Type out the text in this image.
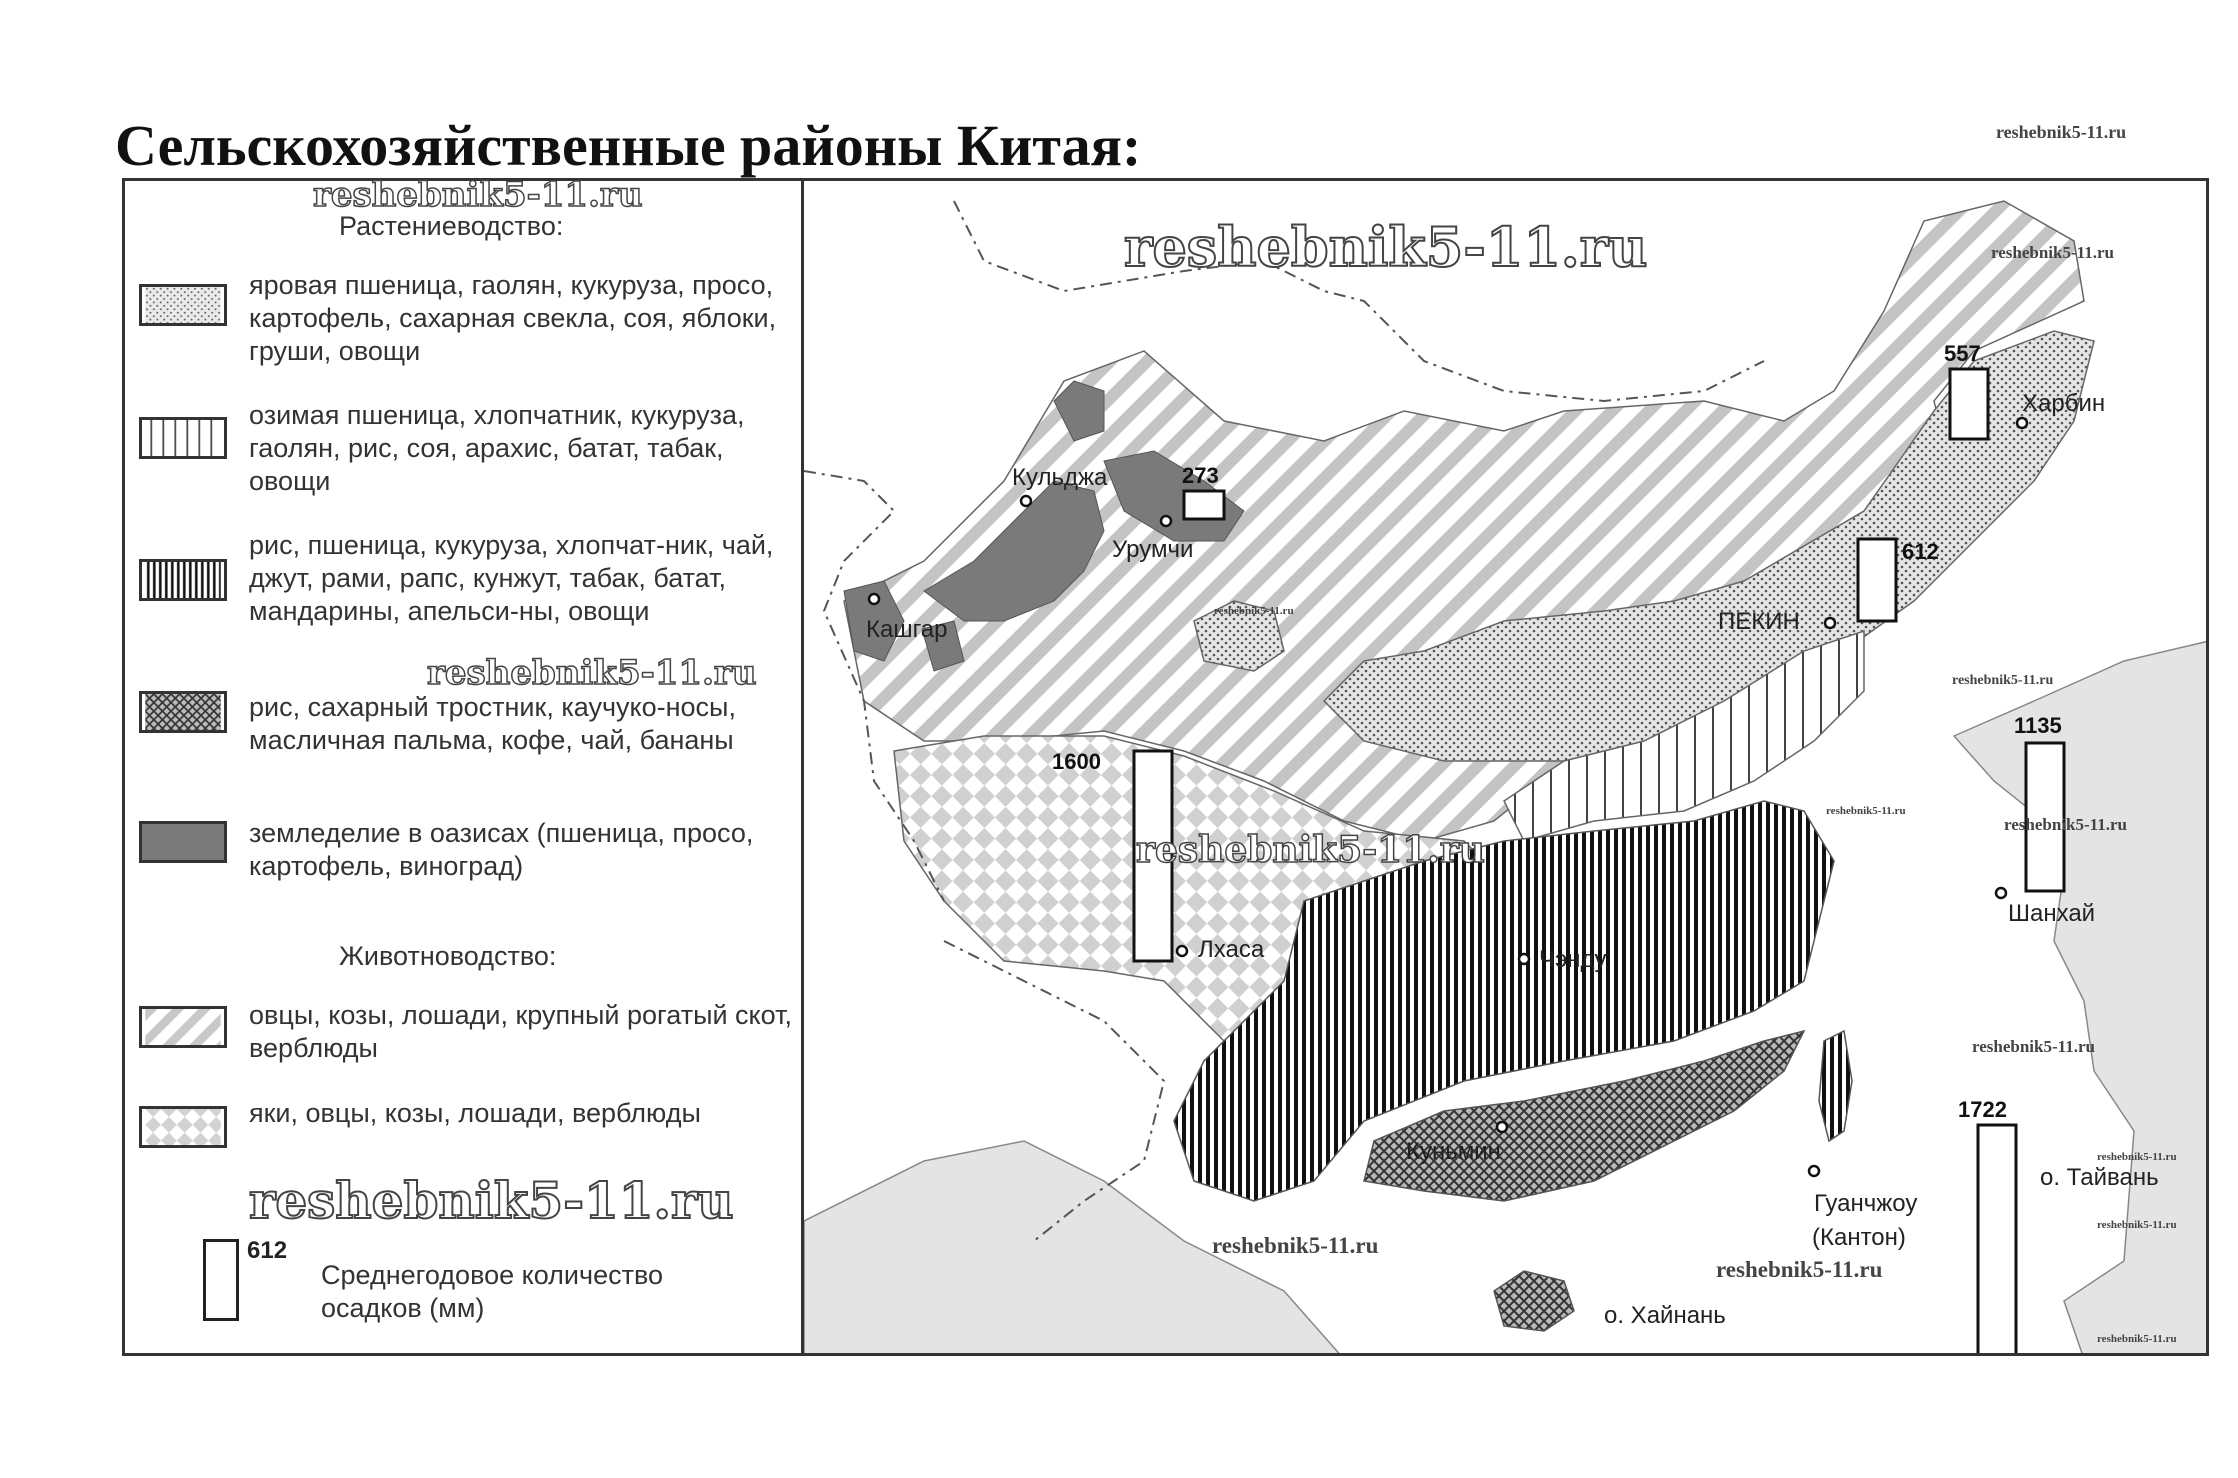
Сельскохозяйственные районы Китая:	reshebnik5-11.ru
Растениеводство:
яровая пшеница, гаолян, кукуруза, просо, картофель, сахарная свекла, соя, яблоки, груши, овощи
озимая пшеница, хлопчатник, кукуруза, гаолян, рис, соя, арахис, батат, табак, овощи
рис, пшеница, кукуруза, хлопчат-ник, чай, джут, рами, рапс, кунжут, табак, батат, мандарины, апельси-ны, овощи
рис, сахарный тростник, каучуко-носы, масличная пальма, кофе, чай, бананы
земледелие в оазисах (пшеница, просо, картофель, виноград)
Животноводство:
овцы, козы, лошади, крупный рогатый скот, верблюды
яки, овцы, козы, лошади, верблюды
612
Среднегодовое количество осадков (мм)
reshebnik5-11.ru
reshebnik5-11.ru
reshebnik5-11.ru
273
557
612
1135
1600
1722
Кульджа
Урумчи
Кашгар
Лхаса
ПЕКИН
Харбин
Шанхай
Чэнду
Куньмин
Гуанчжоу
(Кантон)
о. Тайвань
о. Хайнань
reshebnik5-11.ru
reshebnik5-11.ru
reshebnik5-11.ru
reshebnik5-11.ru
reshebnik5-11.ru
reshebnik5-11.ru
reshebnik5-11.ru
reshebnik5-11.ru
reshebnik5-11.ru
reshebnik5-11.ru
reshebnik5-11.ru
reshebnik5-11.ru
reshebnik5-11.ru
